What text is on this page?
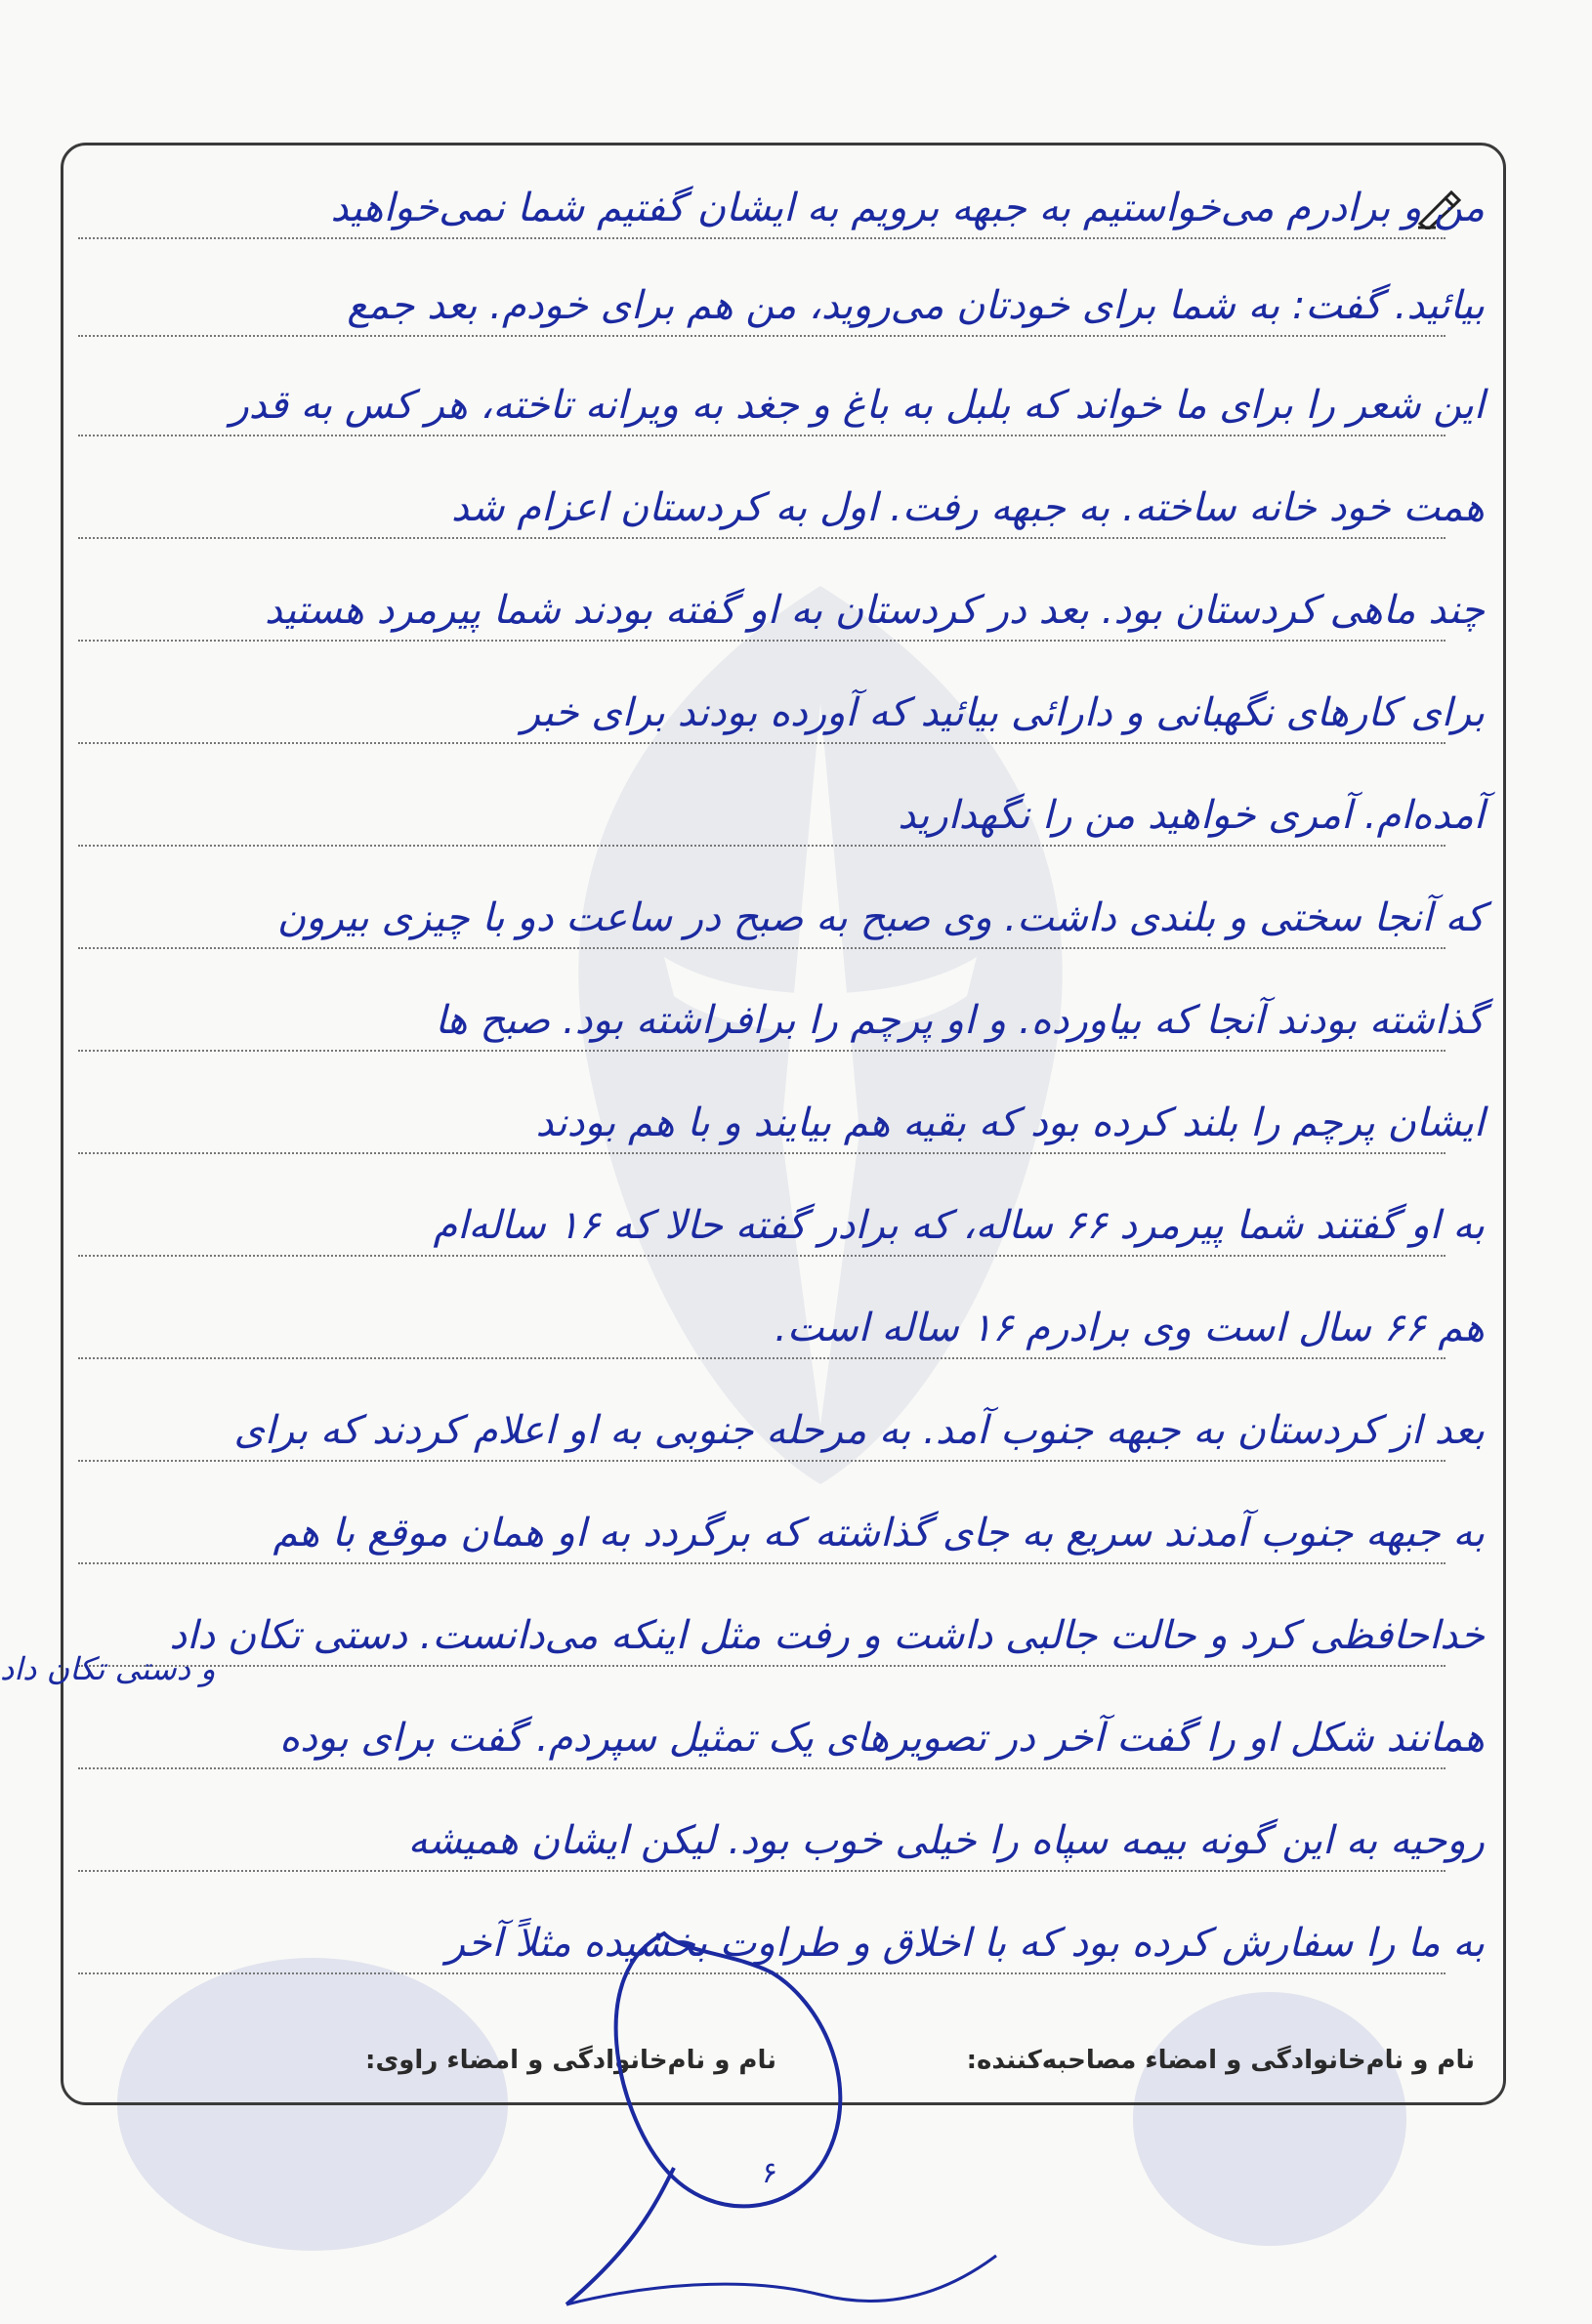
من و برادرم می‌خواستیم به جبهه برویم به ایشان گفتیم شما نمی‌خواهید
بیائید. گفت: به شما برای خودتان می‌روید، من هم برای خودم. بعد جمع
این شعر را برای ما خواند که بلبل به باغ و جغد به ویرانه تاخته، هر کس به قدر
همت خود خانه ساخته. به جبهه رفت. اول به کردستان اعزام شد
چند ماهی کردستان بود. بعد در کردستان به او گفته بودند شما پیرمرد هستید
برای کارهای نگهبانی و دارائی بیائید که آورده بودند برای خبر
آمده‌ام. آمری خواهید من را نگهدارید
که آنجا سختی و بلندی داشت. وی صبح به صبح در ساعت دو با چیزی بیرون
گذاشته بودند آنجا که بیاورده. و او پرچم را برافراشته بود. صبح ها
ایشان پرچم را بلند کرده بود که بقیه هم بیایند و با هم بودند
به او گفتند شما پیرمرد ۶۶ ساله، که برادر گفته حالا که ۱۶ ساله‌ام
هم ۶۶ سال است وی برادرم ۱۶ ساله است.
بعد از کردستان به جبهه جنوب آمد. به مرحله جنوبی به او اعلام کردند که برای
به جبهه جنوب آمدند سریع به جای گذاشته که برگردد به او همان موقع با هم
خداحافظی کرد و حالت جالبی داشت و رفت مثل اینکه می‌دانست. دستی تکان داد
همانند شکل او را گفت آخر در تصویرهای یک تمثیل سپردم. گفت برای بوده
روحیه به این گونه بیمه سپاه را خیلی خوب بود. لیکن ایشان همیشه
به ما را سفارش کرده بود که با اخلاق و طراوت بخشیده مثلاً آخر
و دستی تکان داد
نام و نام‌خانوادگی و امضاء مصاحبه‌کننده:
نام و نام‌خانوادگی و امضاء راوی:
۶
